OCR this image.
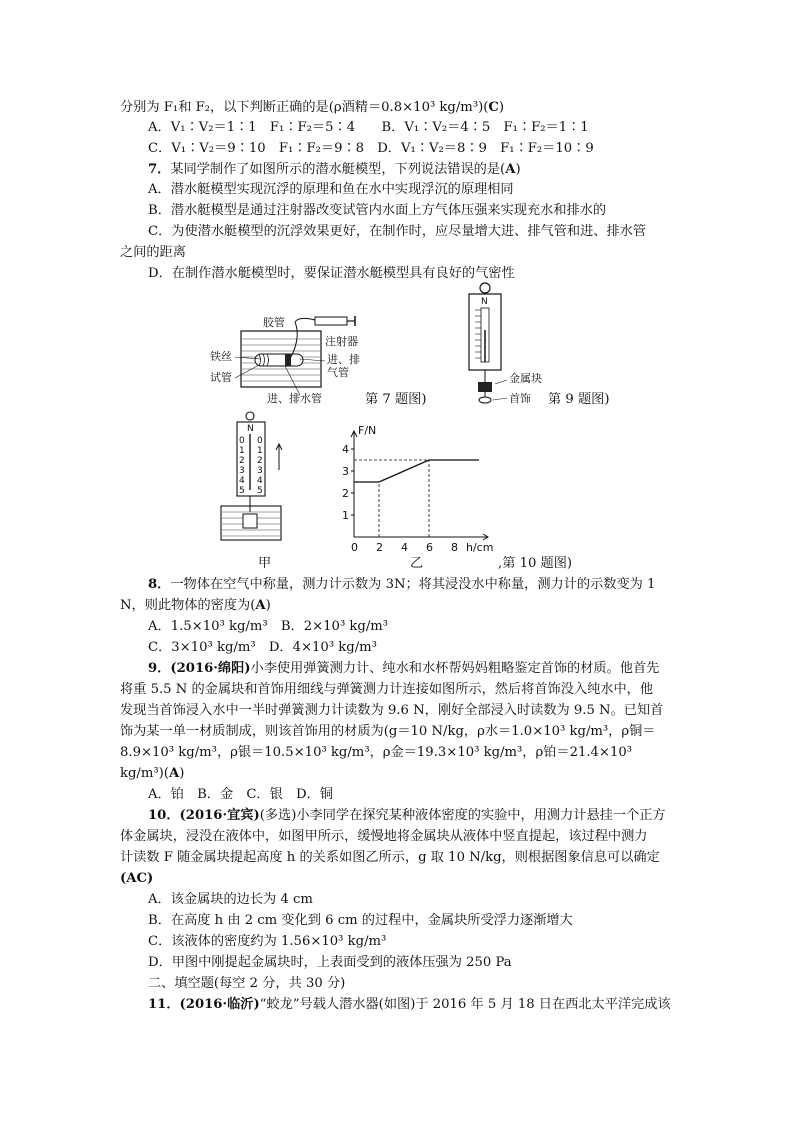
分别为 F₁和 F₂，以下判断正确的是(ρ酒精＝0.8×10³ kg/m³)(C)
A．V₁∶V₂＝1∶1　F₁∶F₂＝5∶4　　B．V₁∶V₂＝4∶5　F₁∶F₂＝1∶1
C．V₁∶V₂＝9∶10　F₁∶F₂＝9∶8　D．V₁∶V₂＝8∶9　F₁∶F₂＝10∶9
7．某同学制作了如图所示的潜水艇模型，下列说法错误的是(A)
A．潜水艇模型实现沉浮的原理和鱼在水中实现浮沉的原理相同
B．潜水艇模型是通过注射器改变试管内水面上方气体压强来实现充水和排水的
C．为使潜水艇模型的沉浮效果更好，在制作时，应尽量增大进、排气管和进、排水管
之间的距离
D．在制作潜水艇模型时，要保证潜水艇模型具有良好的气密性
胶管
注射器
铁丝
试管
进、排
气管
进、排水管	第 7 题图)
N
金属块
首饰 第 9 题图)
N
0
1
2
3
4
5
0
1
2
3
4
5
甲
F/N
h/cm
0 2 4 6 8
1
2
3
4
乙	,第 10 题图)
8．一物体在空气中称量，测力计示数为 3N；将其浸没水中称量，测力计的示数变为 1
N，则此物体的密度为(A)
A．1.5×10³ kg/m³　B．2×10³ kg/m³
C．3×10³ kg/m³　D．4×10³ kg/m³
9．(2016·绵阳)小李使用弹簧测力计、纯水和水杯帮妈妈粗略鉴定首饰的材质。他首先
将重 5.5 N 的金属块和首饰用细线与弹簧测力计连接如图所示，然后将首饰没入纯水中，他
发现当首饰浸入水中一半时弹簧测力计读数为 9.6 N，刚好全部浸入时读数为 9.5 N。已知首
饰为某一单一材质制成，则该首饰用的材质为(g＝10 N/kg，ρ水＝1.0×10³ kg/m³，ρ铜＝
8.9×10³ kg/m³，ρ银＝10.5×10³ kg/m³，ρ金＝19.3×10³ kg/m³，ρ铂＝21.4×10³
kg/m³)(A)
A．铂　B．金　C．银　D．铜
10．(2016·宜宾)(多选)小李同学在探究某种液体密度的实验中，用测力计悬挂一个正方
体金属块，浸没在液体中，如图甲所示，缓慢地将金属块从液体中竖直提起，该过程中测力
计读数 F 随金属块提起高度 h 的关系如图乙所示，g 取 10 N/kg，则根据图象信息可以确定
(AC)
A．该金属块的边长为 4 cm
B．在高度 h 由 2 cm 变化到 6 cm 的过程中，金属块所受浮力逐渐增大
C．该液体的密度约为 1.56×10³ kg/m³
D．甲图中刚提起金属块时，上表面受到的液体压强为 250 Pa
二、填空题(每空 2 分，共 30 分)
11．(2016·临沂)“蛟龙”号载人潜水器(如图)于 2016 年 5 月 18 日在西北太平洋完成该
